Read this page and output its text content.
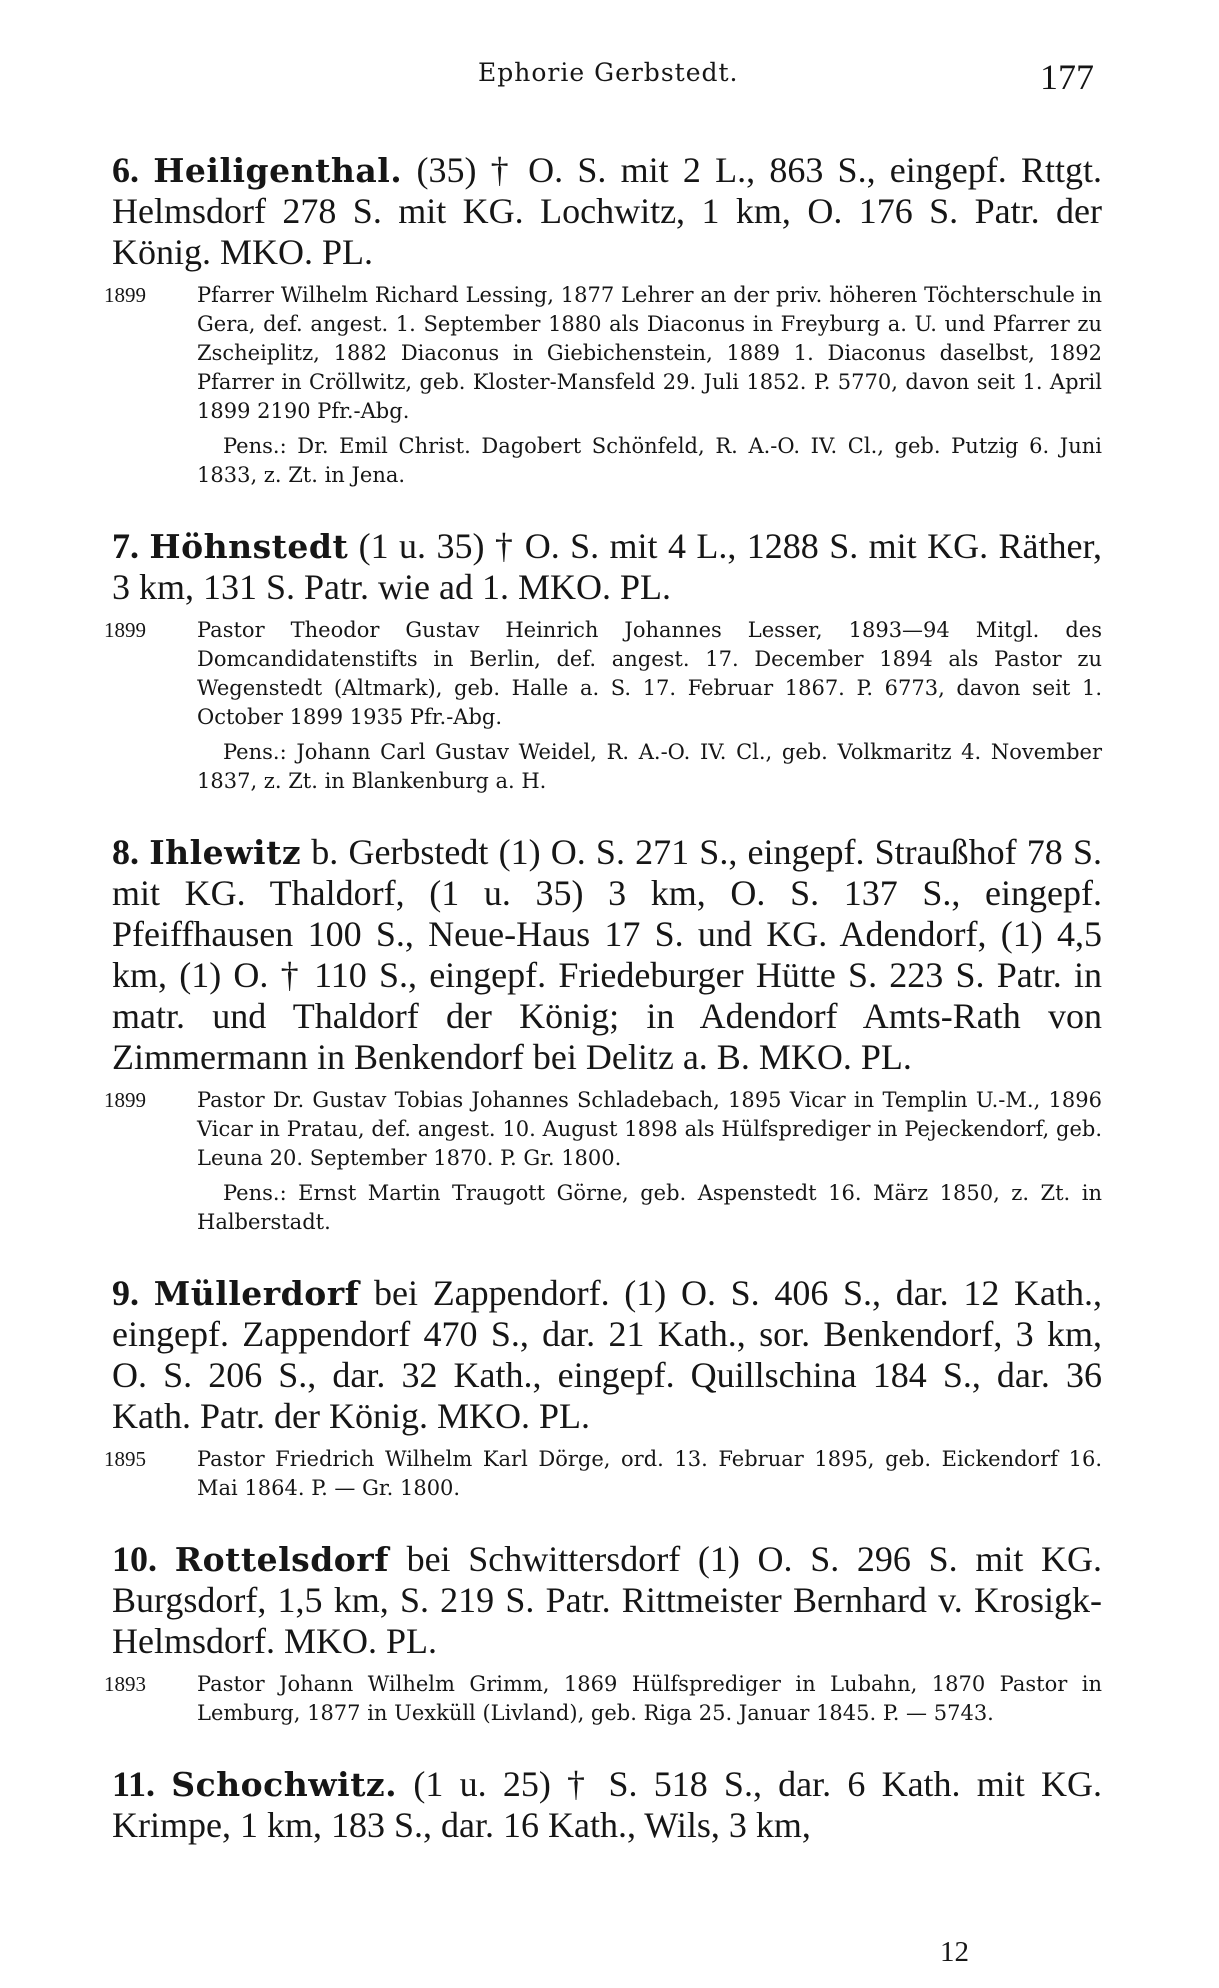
Ephorie Gerbstedt.	177

6. Heiligenthal. (35) † O. S. mit 2 L., 863 S., eingepf. Rttgt. Helmsdorf 278 S. mit KG. Lochwitz, 1 km, O. 176 S. Patr. der König. MKO. PL.

1899 Pfarrer Wilhelm Richard Lessing, 1877 Lehrer an der priv. höheren Töchterschule in Gera, def. angest. 1. September 1880 als Diaconus in Freyburg a. U. und Pfarrer zu Zscheiplitz, 1882 Diaconus in Giebichenstein, 1889 1. Diaconus daselbst, 1892 Pfarrer in Cröllwitz, geb. Kloster-Mansfeld 29. Juli 1852. P. 5770, davon seit 1. April 1899 2190 Pfr.-Abg.

Pens.: Dr. Emil Christ. Dagobert Schönfeld, R. A.-O. IV. Cl., geb. Putzig 6. Juni 1833, z. Zt. in Jena.

7. Höhnstedt (1 u. 35) † O. S. mit 4 L., 1288 S. mit KG. Räther, 3 km, 131 S. Patr. wie ad 1. MKO. PL.

1899 Pastor Theodor Gustav Heinrich Johannes Lesser, 1893—94 Mitgl. des Domcandidatenstifts in Berlin, def. angest. 17. December 1894 als Pastor zu Wegenstedt (Altmark), geb. Halle a. S. 17. Februar 1867. P. 6773, davon seit 1. October 1899 1935 Pfr.-Abg.

Pens.: Johann Carl Gustav Weidel, R. A.-O. IV. Cl., geb. Volkmaritz 4. November 1837, z. Zt. in Blankenburg a. H.

8. Ihlewitz b. Gerbstedt (1) O. S. 271 S., eingepf. Straußhof 78 S. mit KG. Thaldorf, (1 u. 35) 3 km, O. S. 137 S., eingepf. Pfeiffhausen 100 S., Neue-Haus 17 S. und KG. Adendorf, (1) 4,5 km, (1) O. † 110 S., eingepf. Friedeburger Hütte S. 223 S. Patr. in matr. und Thaldorf der König; in Adendorf Amts-Rath von Zimmermann in Benkendorf bei Delitz a. B. MKO. PL.

1899 Pastor Dr. Gustav Tobias Johannes Schladebach, 1895 Vicar in Templin U.-M., 1896 Vicar in Pratau, def. angest. 10. August 1898 als Hülfsprediger in Pejeckendorf, geb. Leuna 20. September 1870. P. Gr. 1800.

Pens.: Ernst Martin Traugott Görne, geb. Aspenstedt 16. März 1850, z. Zt. in Halberstadt.

9. Müllerdorf bei Zappendorf. (1) O. S. 406 S., dar. 12 Kath., eingepf. Zappendorf 470 S., dar. 21 Kath., sor. Benkendorf, 3 km, O. S. 206 S., dar. 32 Kath., eingepf. Quillschina 184 S., dar. 36 Kath. Patr. der König. MKO. PL.

1895 Pastor Friedrich Wilhelm Karl Dörge, ord. 13. Februar 1895, geb. Eickendorf 16. Mai 1864. P. — Gr. 1800.

10. Rottelsdorf bei Schwittersdorf (1) O. S. 296 S. mit KG. Burgsdorf, 1,5 km, S. 219 S. Patr. Rittmeister Bernhard v. Krosigk-Helmsdorf. MKO. PL.

1893 Pastor Johann Wilhelm Grimm, 1869 Hülfsprediger in Lubahn, 1870 Pastor in Lemburg, 1877 in Uexküll (Livland), geb. Riga 25. Januar 1845. P. — 5743.

11. Schochwitz. (1 u. 25) † S. 518 S., dar. 6 Kath. mit KG. Krimpe, 1 km, 183 S., dar. 16 Kath., Wils, 3 km,

12
